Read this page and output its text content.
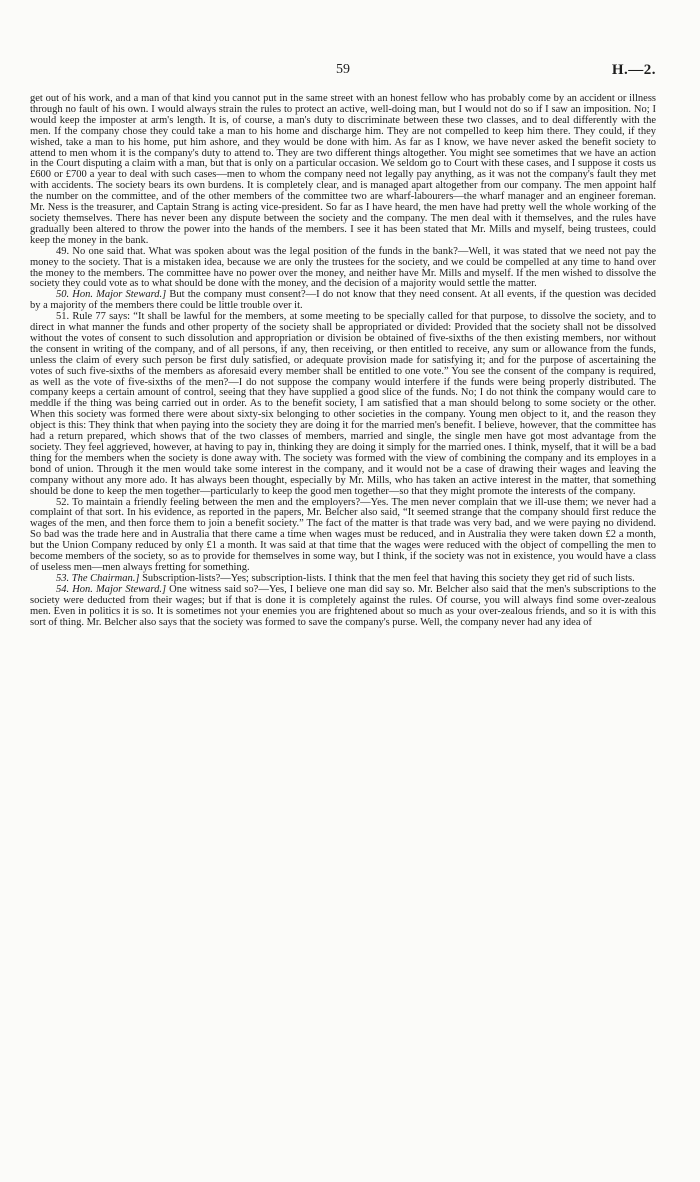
59	H.—2.

get out of his work, and a man of that kind you cannot put in the same street with an honest fellow who has probably come by an accident or illness through no fault of his own. I would always strain the rules to protect an active, well-doing man, but I would not do so if I saw an imposition. No; I would keep the imposter at arm's length. It is, of course, a man's duty to discriminate between these two classes, and to deal differently with the men. If the company chose they could take a man to his home and discharge him. They are not compelled to keep him there. They could, if they wished, take a man to his home, put him ashore, and they would be done with him. As far as I know, we have never asked the benefit society to attend to men whom it is the company's duty to attend to. They are two different things altogether. You might see sometimes that we have an action in the Court disputing a claim with a man, but that is only on a particular occasion. We seldom go to Court with these cases, and I suppose it costs us £600 or £700 a year to deal with such cases—men to whom the company need not legally pay anything, as it was not the company's fault they met with accidents. The society bears its own burdens. It is completely clear, and is managed apart altogether from our company. The men appoint half the number on the committee, and of the other members of the committee two are wharf-labourers—the wharf manager and an engineer foreman. Mr. Ness is the treasurer, and Captain Strang is acting vice-president. So far as I have heard, the men have had pretty well the whole working of the society themselves. There has never been any dispute between the society and the company. The men deal with it themselves, and the rules have gradually been altered to throw the power into the hands of the members. I see it has been stated that Mr. Mills and myself, being trustees, could keep the money in the bank.

49. No one said that. What was spoken about was the legal position of the funds in the bank?—Well, it was stated that we need not pay the money to the society. That is a mistaken idea, because we are only the trustees for the society, and we could be compelled at any time to hand over the money to the members. The committee have no power over the money, and neither have Mr. Mills and myself. If the men wished to dissolve the society they could vote as to what should be done with the money, and the decision of a majority would settle the matter.

50. Hon. Major Steward.] But the company must consent?—I do not know that they need consent. At all events, if the question was decided by a majority of the members there could be little trouble over it.

51. Rule 77 says: “It shall be lawful for the members, at some meeting to be specially called for that purpose, to dissolve the society, and to direct in what manner the funds and other property of the society shall be appropriated or divided: Provided that the society shall not be dissolved without the votes of consent to such dissolution and appropriation or division be obtained of five-sixths of the then existing members, nor without the consent in writing of the company, and of all persons, if any, then receiving, or then entitled to receive, any sum or allowance from the funds, unless the claim of every such person be first duly satisfied, or adequate provision made for satisfying it; and for the purpose of ascertaining the votes of such five-sixths of the members as aforesaid every member shall be entitled to one vote.” You see the consent of the company is required, as well as the vote of five-sixths of the men?—I do not suppose the company would interfere if the funds were being properly distributed. The company keeps a certain amount of control, seeing that they have supplied a good slice of the funds. No; I do not think the company would care to meddle if the thing was being carried out in order. As to the benefit society, I am satisfied that a man should belong to some society or the other. When this society was formed there were about sixty-six belonging to other societies in the company. Young men object to it, and the reason they object is this: They think that when paying into the society they are doing it for the married men's benefit. I believe, however, that the committee has had a return prepared, which shows that of the two classes of members, married and single, the single men have got most advantage from the society. They feel aggrieved, however, at having to pay in, thinking they are doing it simply for the married ones. I think, myself, that it will be a bad thing for the members when the society is done away with. The society was formed with the view of combining the company and its employes in a bond of union. Through it the men would take some interest in the company, and it would not be a case of drawing their wages and leaving the company without any more ado. It has always been thought, especially by Mr. Mills, who has taken an active interest in the matter, that something should be done to keep the men together—particularly to keep the good men together—so that they might promote the interests of the company.

52. To maintain a friendly feeling between the men and the employers?—Yes. The men never complain that we ill-use them; we never had a complaint of that sort. In his evidence, as reported in the papers, Mr. Belcher also said, “It seemed strange that the company should first reduce the wages of the men, and then force them to join a benefit society.” The fact of the matter is that trade was very bad, and we were paying no dividend. So bad was the trade here and in Australia that there came a time when wages must be reduced, and in Australia they were taken down £2 a month, but the Union Company reduced by only £1 a month. It was said at that time that the wages were reduced with the object of compelling the men to become members of the society, so as to provide for themselves in some way, but I think, if the society was not in existence, you would have a class of useless men—men always fretting for something.

53. The Chairman.] Subscription-lists?—Yes; subscription-lists. I think that the men feel that having this society they get rid of such lists.

54. Hon. Major Steward.] One witness said so?—Yes, I believe one man did say so. Mr. Belcher also said that the men's subscriptions to the society were deducted from their wages; but if that is done it is completely against the rules. Of course, you will always find some over-zealous men. Even in politics it is so. It is sometimes not your enemies you are frightened about so much as your over-zealous friends, and so it is with this sort of thing. Mr. Belcher also says that the society was formed to save the company's purse. Well, the company never had any idea of
